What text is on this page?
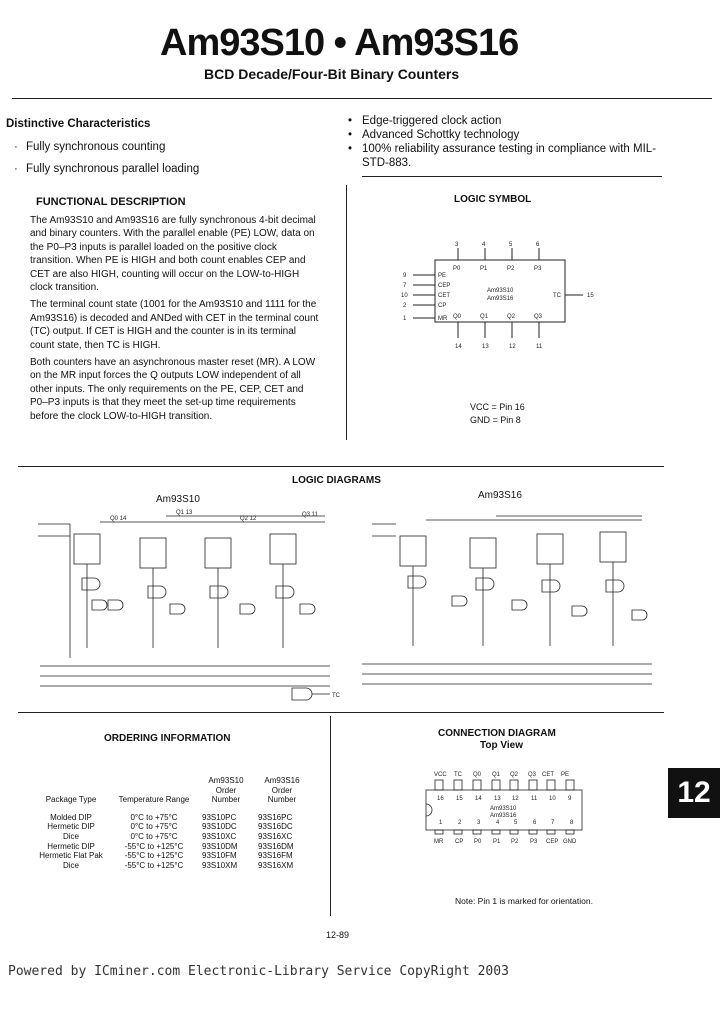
Am93S10 • Am93S16
BCD Decade/Four-Bit Binary Counters
Distinctive Characteristics
· Fully synchronous counting
· Fully synchronous parallel loading
• Edge-triggered clock action
• Advanced Schottky technology
• 100% reliability assurance testing in compliance with MIL-STD-883.
FUNCTIONAL DESCRIPTION
The Am93S10 and Am93S16 are fully synchronous 4-bit decimal and binary counters. With the parallel enable (PE) LOW, data on the P0–P3 inputs is parallel loaded on the positive clock transition. When PE is HIGH and both count enables CEP and CET are also HIGH, counting will occur on the LOW-to-HIGH clock transition.
The terminal count state (1001 for the Am93S10 and 1111 for the Am93S16) is decoded and ANDed with CET in the terminal count (TC) output. If CET is HIGH and the counter is in its terminal count state, then TC is HIGH.
Both counters have an asynchronous master reset (MR). A LOW on the MR input forces the Q outputs LOW independent of all other inputs. The only requirements on the PE, CEP, CET and P0–P3 inputs is that they meet the set-up time requirements before the clock LOW-to-HIGH transition.
LOGIC SYMBOL
3	4	5	6
P0	P1	P2	P3
9
7
10
2
1
PE
CEP
CET
CP
MR
Am93S10
Am93S16	TC	15
Q0	Q1	Q2	Q3
14	13	12	11
VCC = Pin 16
GND = Pin 8
LOGIC DIAGRAMS
Am93S10	Am93S16
Q0 14
Q1 13
Q2 12
Q3 11
TC
ORDERING INFORMATION
Package Type	Temperature Range	Am93S10 Order Number	Am93S16 Order Number

Molded DIP	0°C to +75°C	93S10PC	93S16PC
Hermetic DIP	0°C to +75°C	93S10DC	93S16DC
Dice	0°C to +75°C	93S10XC	93S16XC
Hermetic DIP	-55°C to +125°C	93S10DM	93S16DM
Hermetic Flat Pak	-55°C to +125°C	93S10FM	93S16FM
Dice	-55°C to +125°C	93S10XM	93S16XM
CONNECTION DIAGRAM
Top View
VCC TC Q0 Q1 Q2 Q3 CET PE
16 15 14 13 12 11 10 9
Am93S10
Am93S16
1	2	3	4 5	6 7	8
MR CP P0 P1 P2 P3 CEP GND
Note: Pin 1 is marked for orientation.
12-89
12
Powered by ICminer.com Electronic-Library Service CopyRight 2003
